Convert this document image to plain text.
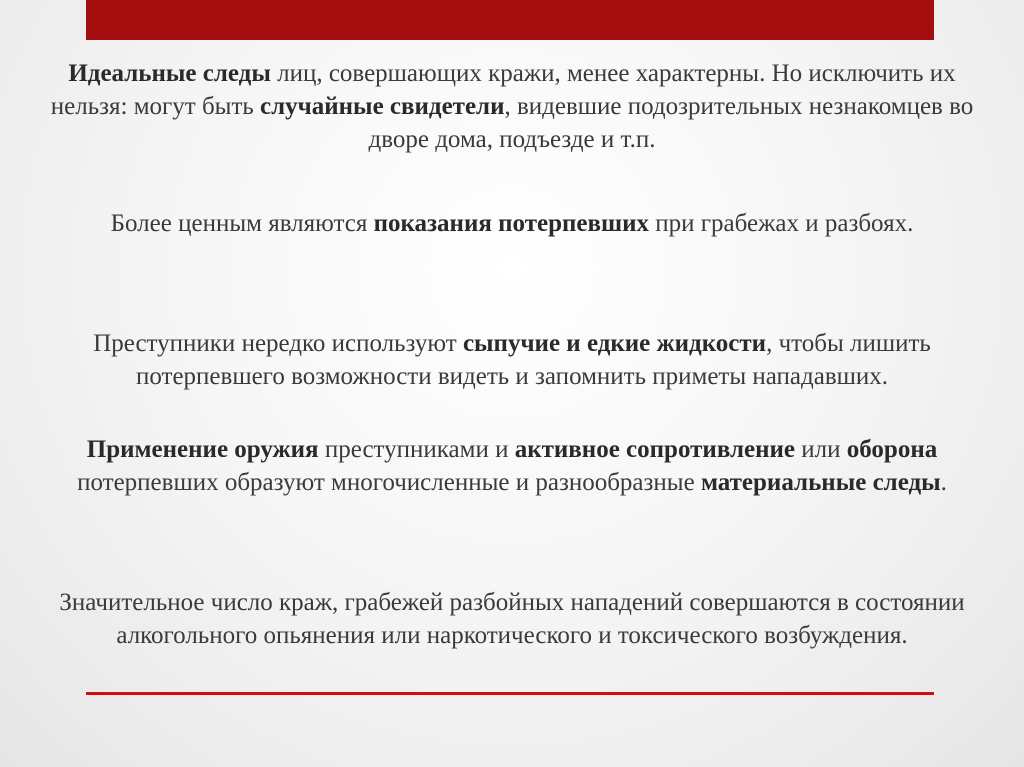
Идеальные следы лиц, совершающих кражи, менее характерны. Но исключить их нельзя: могут быть случайные свидетели, видевшие подозрительных незнакомцев во дворе дома, подъезде и т.п.

Более ценным являются показания потерпевших при грабежах и разбоях.

Преступники нередко используют сыпучие и едкие жидкости, чтобы лишить потерпевшего возможности видеть и запомнить приметы нападавших.

Применение оружия преступниками и активное сопротивление или оборона потерпевших образуют многочисленные и разнообразные материальные следы.

Значительное число краж, грабежей разбойных нападений совершаются в состоянии алкогольного опьянения или наркотического и токсического возбуждения.
